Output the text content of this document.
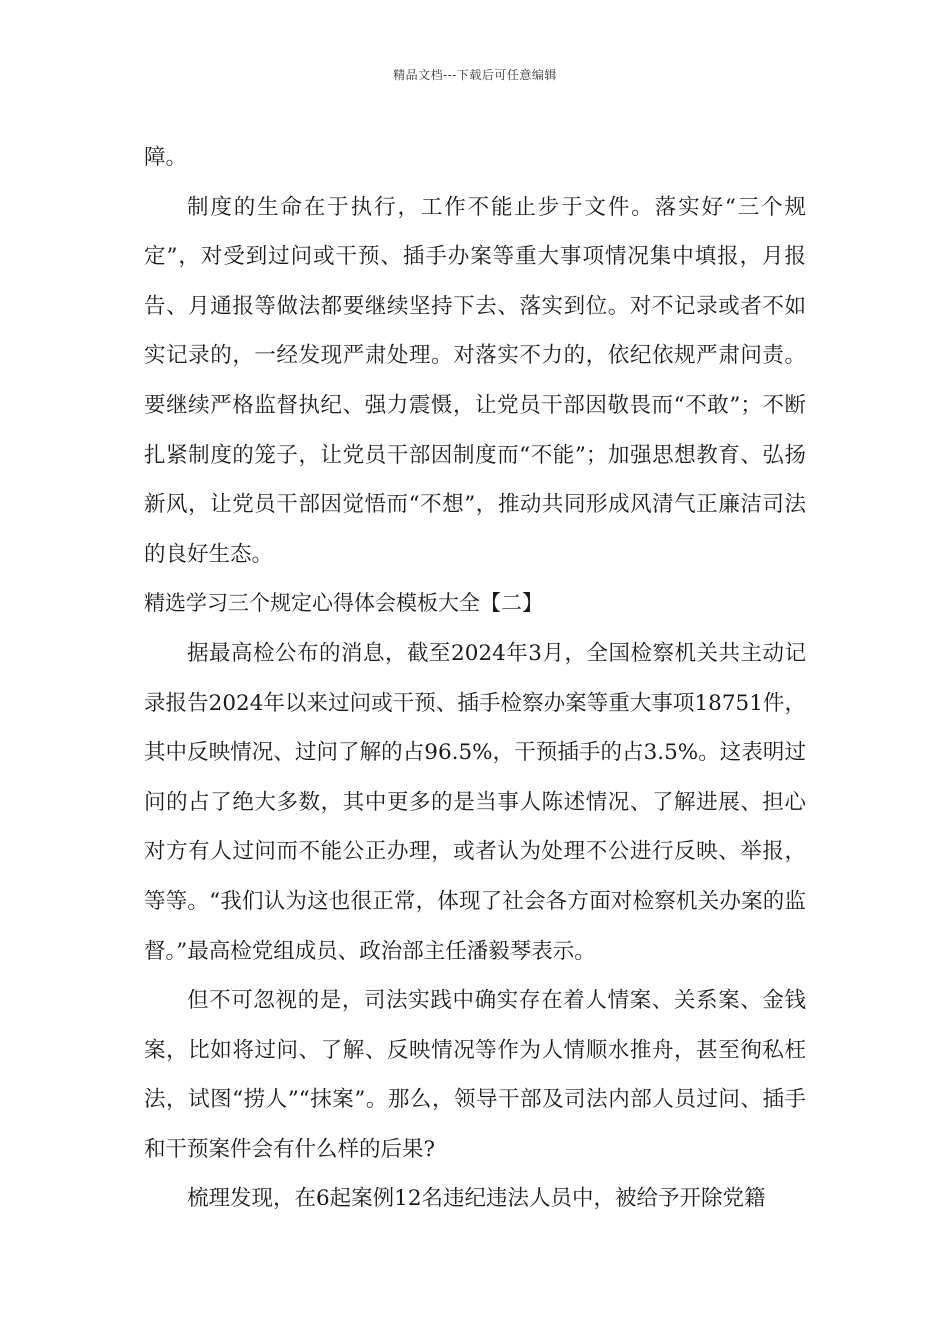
精品文档---下载后可任意编辑

障。

制度的生命在于执行，工作不能止步于文件。落实好“三个规定”，对受到过问或干预、插手办案等重大事项情况集中填报，月报告、月通报等做法都要继续坚持下去、落实到位。对不记录或者不如实记录的，一经发现严肃处理。对落实不力的，依纪依规严肃问责。要继续严格监督执纪、强力震慑，让党员干部因敬畏而“不敢”；不断扎紧制度的笼子，让党员干部因制度而“不能”；加强思想教育、弘扬新风，让党员干部因觉悟而“不想”，推动共同形成风清气正廉洁司法的良好生态。

精选学习三个规定心得体会模板大全【二】

据最高检公布的消息，截至2024年3月，全国检察机关共主动记录报告2024年以来过问或干预、插手检察办案等重大事项18751件，其中反映情况、过问了解的占96.5%，干预插手的占3.5%。这表明过问的占了绝大多数，其中更多的是当事人陈述情况、了解进展、担心对方有人过问而不能公正办理，或者认为处理不公进行反映、举报，等等。“我们认为这也很正常，体现了社会各方面对检察机关办案的监督。”最高检党组成员、政治部主任潘毅琴表示。

但不可忽视的是，司法实践中确实存在着人情案、关系案、金钱案，比如将过问、了解、反映情况等作为人情顺水推舟，甚至徇私枉法，试图“捞人”“抹案”。那么，领导干部及司法内部人员过问、插手和干预案件会有什么样的后果?

梳理发现，在6起案例12名违纪违法人员中，被给予开除党籍
